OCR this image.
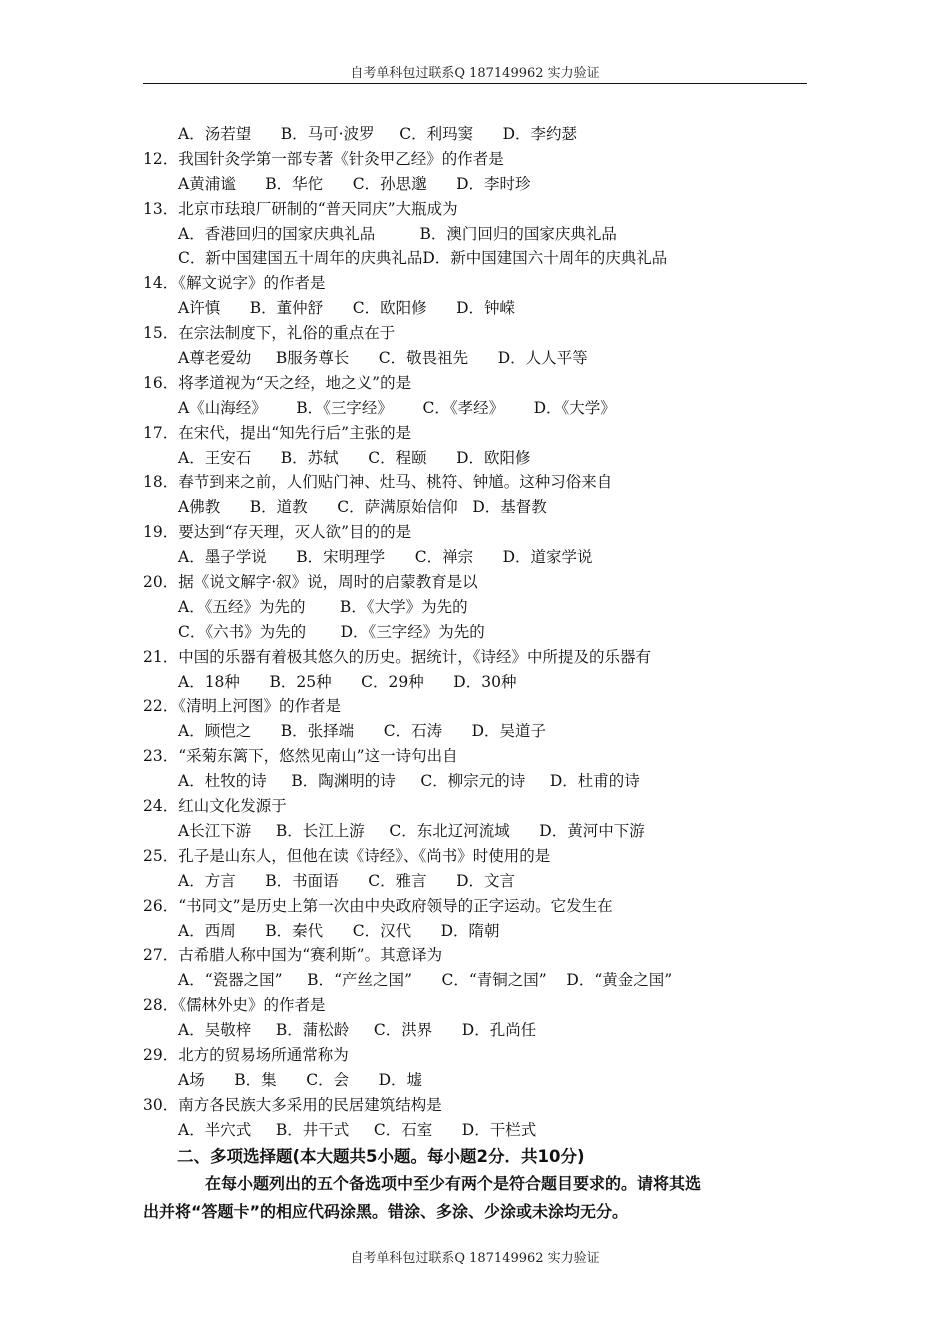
自考单科包过联系Q 187149962 实力验证
A．汤若望      B．马可·波罗     C．利玛窦      D．李约瑟
12．我国针灸学第一部专著《针灸甲乙经》的作者是
A黄浦谧      B．华佗      C．孙思邈      D．李时珍
13．北京市珐琅厂研制的“普天同庆”大瓶成为
A．香港回归的国家庆典礼品         B．澳门回归的国家庆典礼品
C．新中国建国五十周年的庆典礼品D．新中国建国六十周年的庆典礼品
14．《解文说字》的作者是
A许慎      B．董仲舒      C．欧阳修      D．钟嵘
15．在宗法制度下，礼俗的重点在于
A尊老爱幼     B服务尊长      C．敬畏祖先      D．人人平等
16．将孝道视为“天之经，地之义”的是
A《山海经》      B．《三字经》      C．《孝经》      D．《大学》
17．在宋代，提出“知先行后”主张的是
A．王安石      B．苏轼      C．程颐      D．欧阳修
18．春节到来之前，人们贴门神、灶马、桃符、钟馗。这种习俗来自
A佛教      B．道教      C．萨满原始信仰   D．基督教
19．要达到“存天理，灭人欲”目的的是
A．墨子学说      B．宋明理学      C．禅宗      D．道家学说
20．据《说文解字·叙》说，周时的启蒙教育是以
A．《五经》为先的       B．《大学》为先的
C．《六书》为先的       D．《三字经》为先的
21．中国的乐器有着极其悠久的历史。据统计，《诗经》中所提及的乐器有
A．18种      B．25种      C．29种      D．30种
22．《清明上河图》的作者是
A．顾恺之      B．张择端      C．石涛      D．吴道子
23．“采菊东篱下，悠然见南山”这一诗句出自
A．杜牧的诗     B．陶渊明的诗     C．柳宗元的诗     D．杜甫的诗
24．红山文化发源于
A长江下游     B．长江上游     C．东北辽河流域      D．黄河中下游
25．孔子是山东人，但他在读《诗经》、《尚书》时使用的是
A．方言      B．书面语      C．雅言      D．文言
26．“书同文”是历史上第一次由中央政府领导的正字运动。它发生在
A．西周      B．秦代      C．汉代      D．隋朝
27．古希腊人称中国为“赛利斯”。其意译为
A．“瓷器之国”     B．“产丝之国”      C．“青铜之国”    D．“黄金之国”
28．《儒林外史》的作者是
A．吴敬梓     B．蒲松龄     C．洪界      D．孔尚任
29．北方的贸易场所通常称为
A场      B．集      C．会      D．墟
30．南方各民族大多采用的民居建筑结构是
A．半穴式     B．井干式     C．石室      D．干栏式
二、多项选择题(本大题共5小题。每小题2分．共10分)
在每小题列出的五个备选项中至少有两个是符合题目要求的。请将其选
出并将“答题卡”的相应代码涂黑。错涂、多涂、少涂或未涂均无分。
自考单科包过联系Q 187149962 实力验证
